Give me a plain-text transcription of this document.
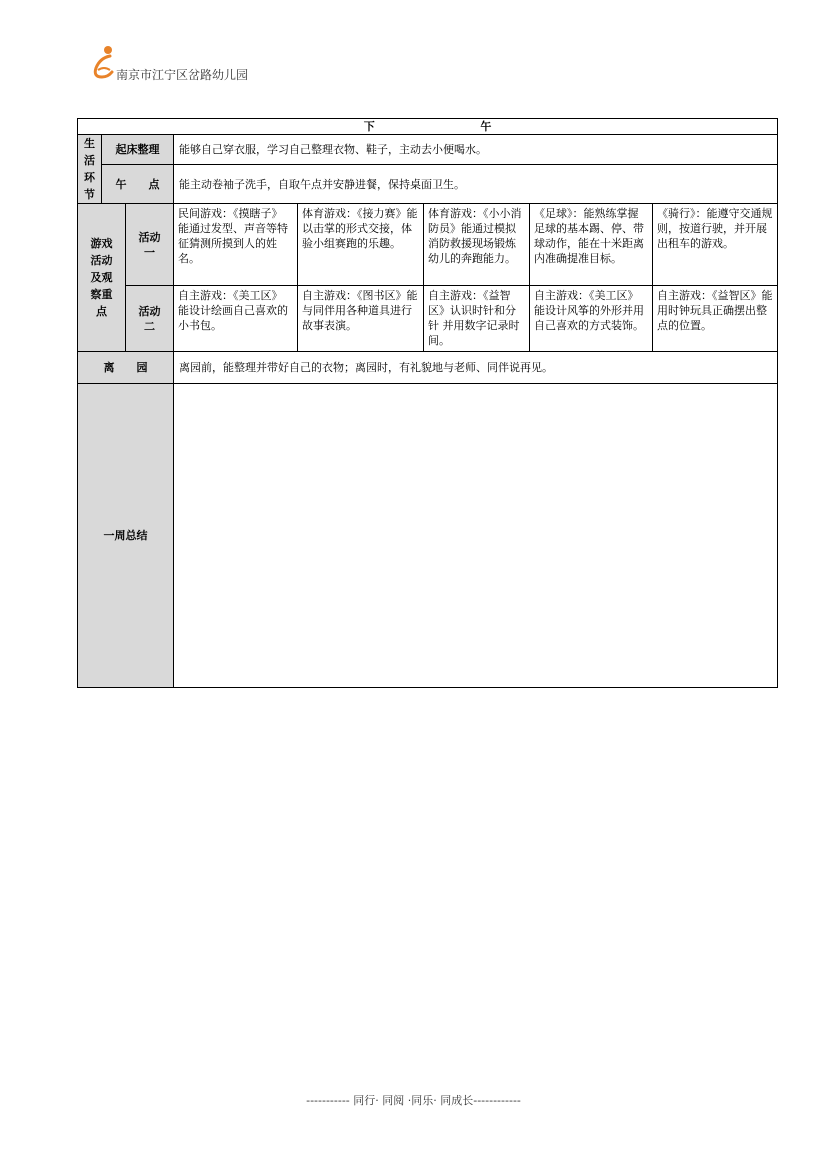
南京市江宁区岔路幼儿园
下 午							

生活环节	起床整理		能够自己穿衣服，学习自己整理衣物、鞋子，主动去小便喝水。				
	午　　点		能主动卷袖子洗手，自取午点并安静进餐，保持桌面卫生。				

游戏活动及观察重点		活动一	民间游戏：《摸瞎子》能通过发型、声音等特征猜测所摸到人的姓名。	体育游戏：《接力赛》能以击掌的形式交接，体验小组赛跑的乐趣。	体育游戏：《小小消防员》能通过模拟消防救援现场锻炼幼儿的奔跑能力。	《足球》：能熟练掌握足球的基本踢、停、带球动作，能在十米距离内准确提准目标。	《骑行》：能遵守交通规则，按道行驶，并开展出租车的游戏。

		活动二	自主游戏：《美工区》能设计绘画自己喜欢的小书包。	自主游戏：《图书区》能与同伴用各种道具进行故事表演。	自主游戏：《益智区》认识时针和分针 并用数字记录时间。	自主游戏：《美工区》能设计风筝的外形并用自己喜欢的方式装饰。	自主游戏：《益智区》能用时钟玩具正确摆出整点的位置。
离　　园			离园前，能整理并带好自己的衣物；离园时，有礼貌地与老师、同伴说再见。				
一周总结							
----------- 同行· 同阅 ·同乐· 同成长------------
